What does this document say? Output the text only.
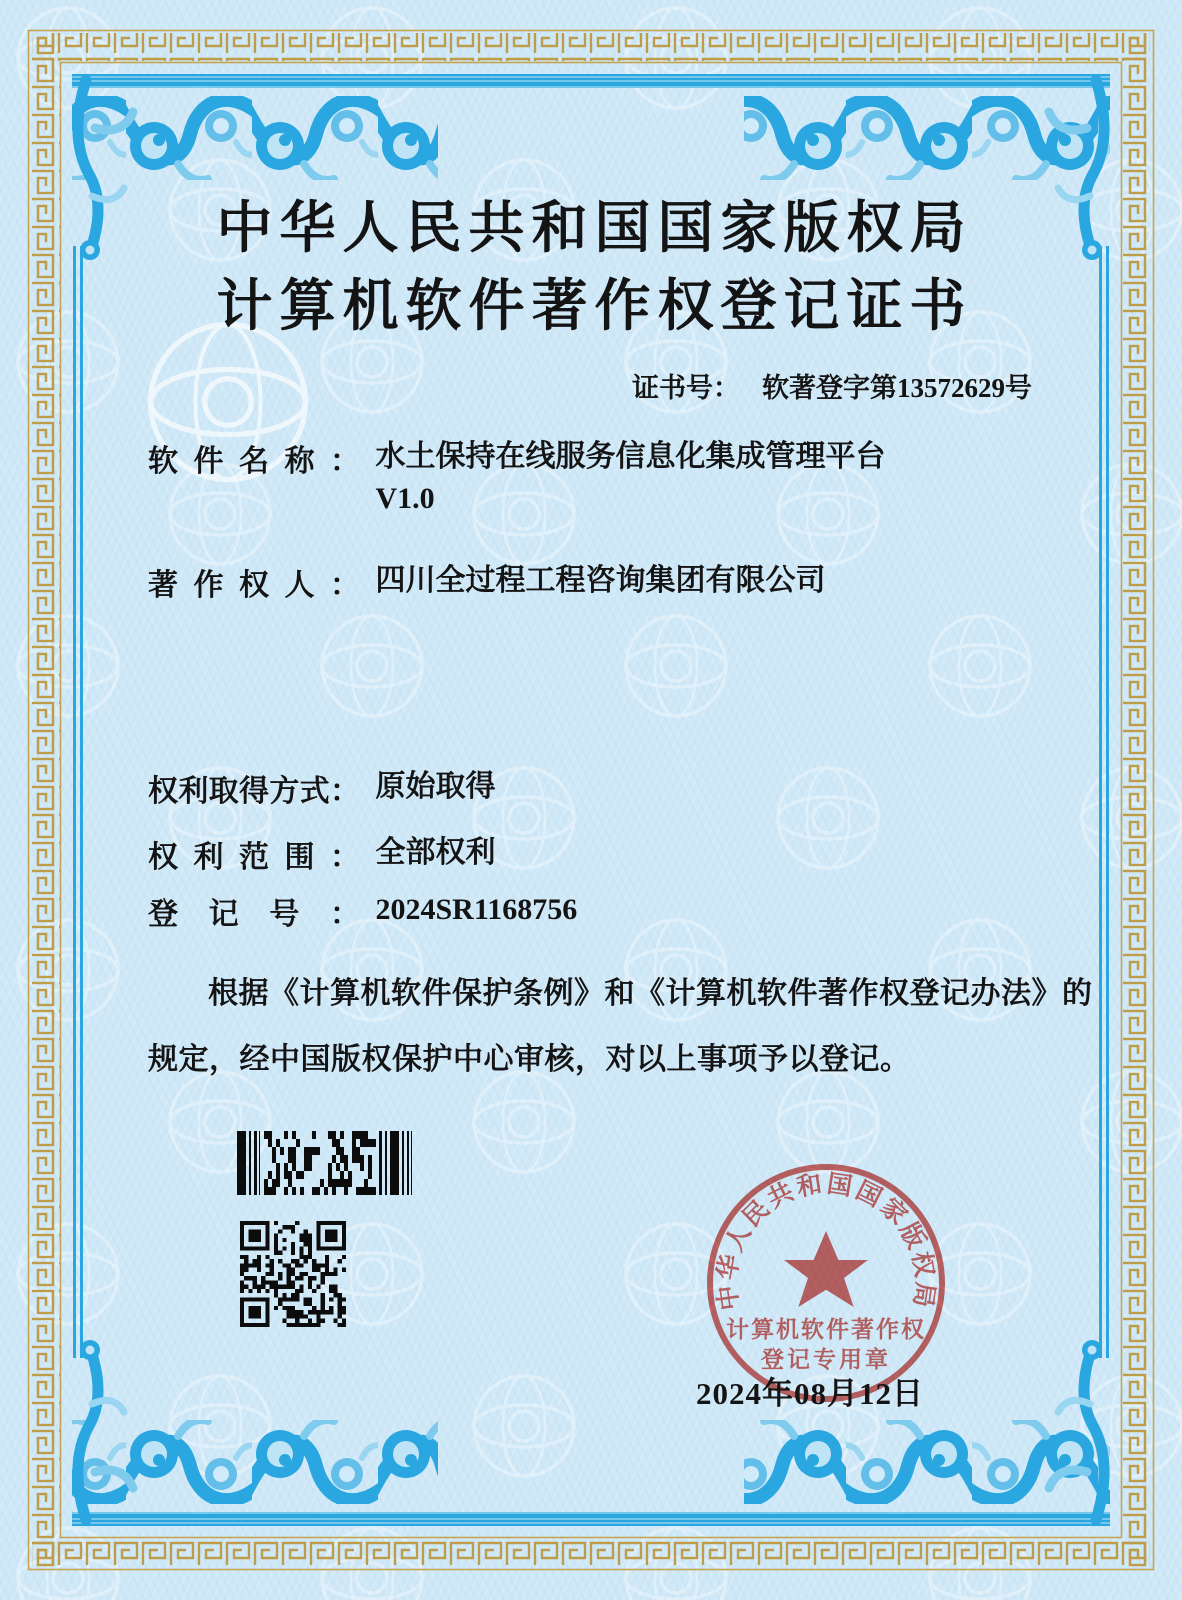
中华人民共和国国家版权局
计算机软件著作权登记证书
证书号： 软著登字第13572629号
软件名称： 水土保持在线服务信息化集成管理平台
V1.0
著作权人： 四川全过程工程咨询集团有限公司
权利取得方式： 原始取得
权利范围： 全部权利
登记号： 2024SR1168756
根据《计算机软件保护条例》和《计算机软件著作权登记办法》的
规定，经中国版权保护中心审核，对以上事项予以登记。
中华人民共和国国家版权局
计算机软件著作权
登记专用章
2024年08月12日
